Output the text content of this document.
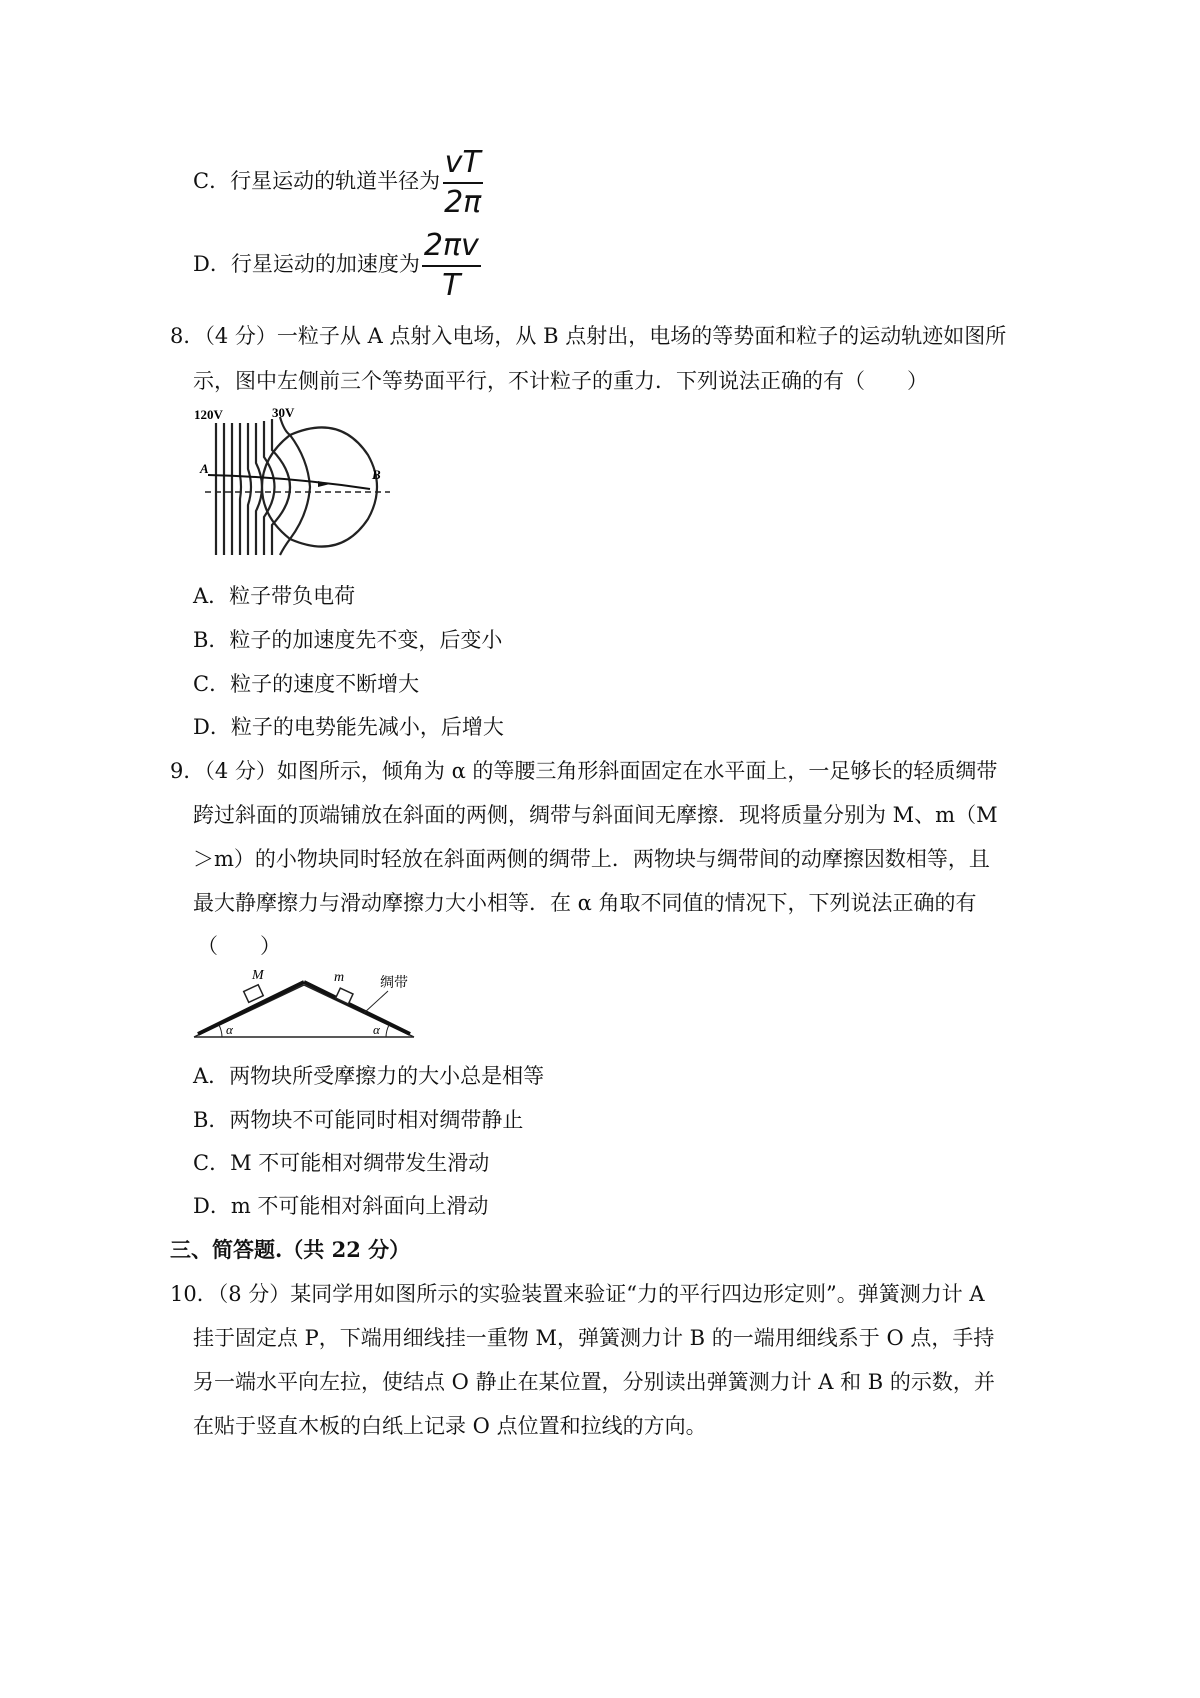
C．行星运动的轨道半径为 $\frac{vT}{2\pi}$
D．行星运动的加速度为 $\frac{2\pi v}{T}$
8．（4 分）一粒子从 A 点射入电场，从 B 点射出，电场的等势面和粒子的运动轨迹如图所
示，图中左侧前三个等势面平行，不计粒子的重力．下列说法正确的有（　　）
120V	30V
A	B
A．粒子带负电荷
B．粒子的加速度先不变，后变小
C．粒子的速度不断增大
D．粒子的电势能先减小，后增大
9．（4 分）如图所示，倾角为 α 的等腰三角形斜面固定在水平面上，一足够长的轻质绸带
跨过斜面的顶端铺放在斜面的两侧，绸带与斜面间无摩擦．现将质量分别为 M、m（M
＞m）的小物块同时轻放在斜面两侧的绸带上．两物块与绸带间的动摩擦因数相等，且
最大静摩擦力与滑动摩擦力大小相等．在 α 角取不同值的情况下，下列说法正确的有
（　　）
M	m	绸带
α	α
A．两物块所受摩擦力的大小总是相等
B．两物块不可能同时相对绸带静止
C．M 不可能相对绸带发生滑动
D．m 不可能相对斜面向上滑动
三、简答题.（共 22 分）
10．（8 分）某同学用如图所示的实验装置来验证“力的平行四边形定则”。弹簧测力计 A
挂于固定点 P，下端用细线挂一重物 M，弹簧测力计 B 的一端用细线系于 O 点，手持
另一端水平向左拉，使结点 O 静止在某位置，分别读出弹簧测力计 A 和 B 的示数，并
在贴于竖直木板的白纸上记录 O 点位置和拉线的方向。
